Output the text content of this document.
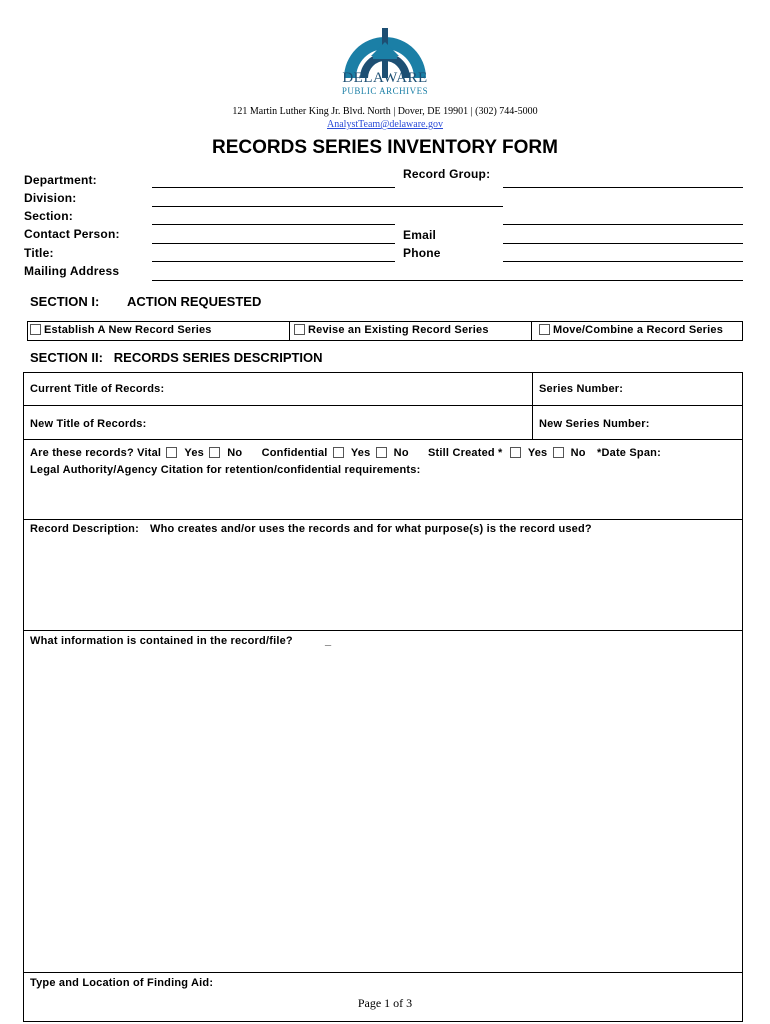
DELAWARE
PUBLIC ARCHIVES
121 Martin Luther King Jr. Blvd. North | Dover, DE 19901 | (302) 744-5000
AnalystTeam@delaware.gov
RECORDS SERIES INVENTORY FORM
Department:	Record Group:
Division:
Section:
Contact Person:	Email
Title:	Phone
Mailing Address
SECTION I: ACTION REQUESTED
Establish A New Record Series	Revise an Existing Record Series	Move/Combine a Record Series
SECTION II:   RECORDS SERIES DESCRIPTION
Current Title of Records:	Series Number:
New Title of Records:	New Series Number:
Are these records? Vital Yes No Confidential Yes No Still Created * Yes No *Date Span:
Legal Authority/Agency Citation for retention/confidential requirements:
Record Description: Who creates and/or uses the records and for what purpose(s) is the record used?
What information is contained in the record/file?	_
Type and Location of Finding Aid:
Page 1 of 3
